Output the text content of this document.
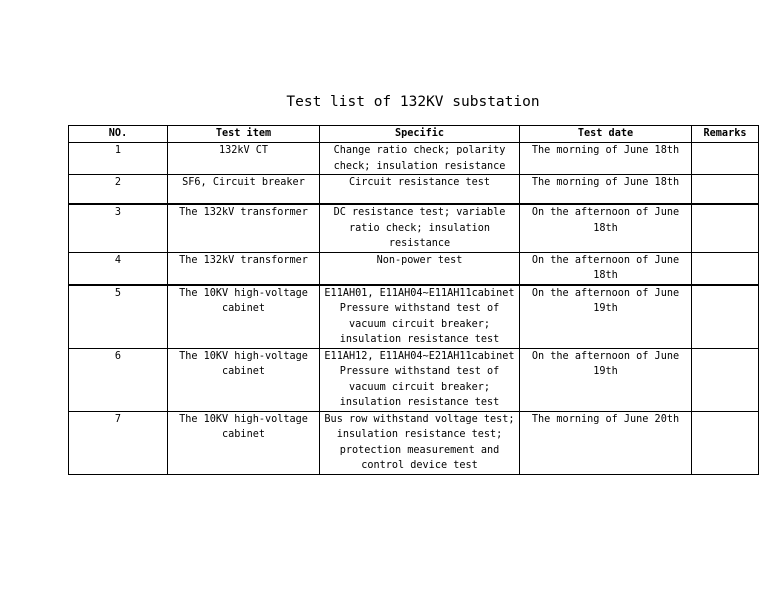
Test list of 132KV substation
NO.	Test item	Specific	Test date	Remarks
1	132kV CT	Change ratio check; polarity check; insulation resistance	The morning of June 18th	
2	SF6, Circuit breaker	Circuit resistance test	The morning of June 18th	
3	The 132kV transformer	DC resistance test; variable ratio check; insulation resistance	On the afternoon of June 18th	
4	The 132kV transformer	Non-power test	On the afternoon of June 18th	
5	The 10KV high-voltage cabinet	E11AH01, E11AH04~E11AH11cabinet Pressure withstand test of vacuum circuit breaker; insulation resistance test	On the afternoon of June 19th	
6	The 10KV high-voltage cabinet	E11AH12, E11AH04~E21AH11cabinet Pressure withstand test of vacuum circuit breaker; insulation resistance test	On the afternoon of June 19th	
7	The 10KV high-voltage cabinet	Bus row withstand voltage test; insulation resistance test; protection measurement and control device test	The morning of June 20th	
